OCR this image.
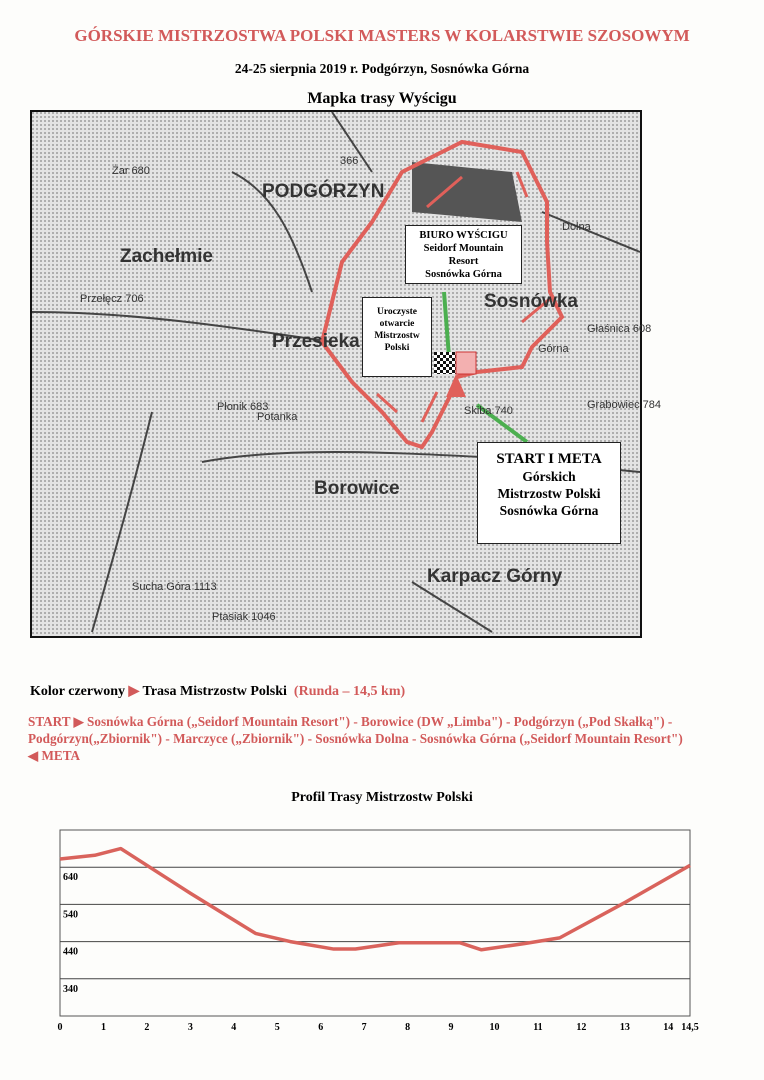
GÓRSKIE MISTRZOSTWA POLSKI MASTERS W KOLARSTWIE SZOSOWYM
24-25 sierpnia 2019 r. Podgórzyn, Sosnówka Górna
Mapka trasy Wyścigu
PODGÓRZYN
Zachełmie
Przesieka
Borowice
Karpacz Górny
Sosnówka
Dolna
Górna
Skiba 740
Żar 680
Potanka
Płonik 683	Grabowiec 784
Głaśnica 608
Sucha Góra 1113
Ptasiak 1046
Przełęcz 706
366
BIURO WYŚCIGU
Seidorf Mountain
Resort
Sosnówka Górna
Uroczyste
otwarcie
Mistrzostw
Polski
START I META
Górskich
Mistrzostw Polski
Sosnówka Górna
Kolor czerwony ▶ Trasa Mistrzostw Polski (Runda – 14,5 km)
START ▶ Sosnówka Górna („Seidorf Mountain Resort") - Borowice (DW „Limba") - Podgórzyn („Pod Skałką") - Podgórzyn(„Zbiornik") - Marczyce („Zbiornik") - Sosnówka Dolna - Sosnówka Górna („Seidorf Mountain Resort")
◀ META
Profil Trasy Mistrzostw Polski
340
440
540
640
0	1	2	3	4	5	6	7	8	9	10	11	12	13	14 14,5
